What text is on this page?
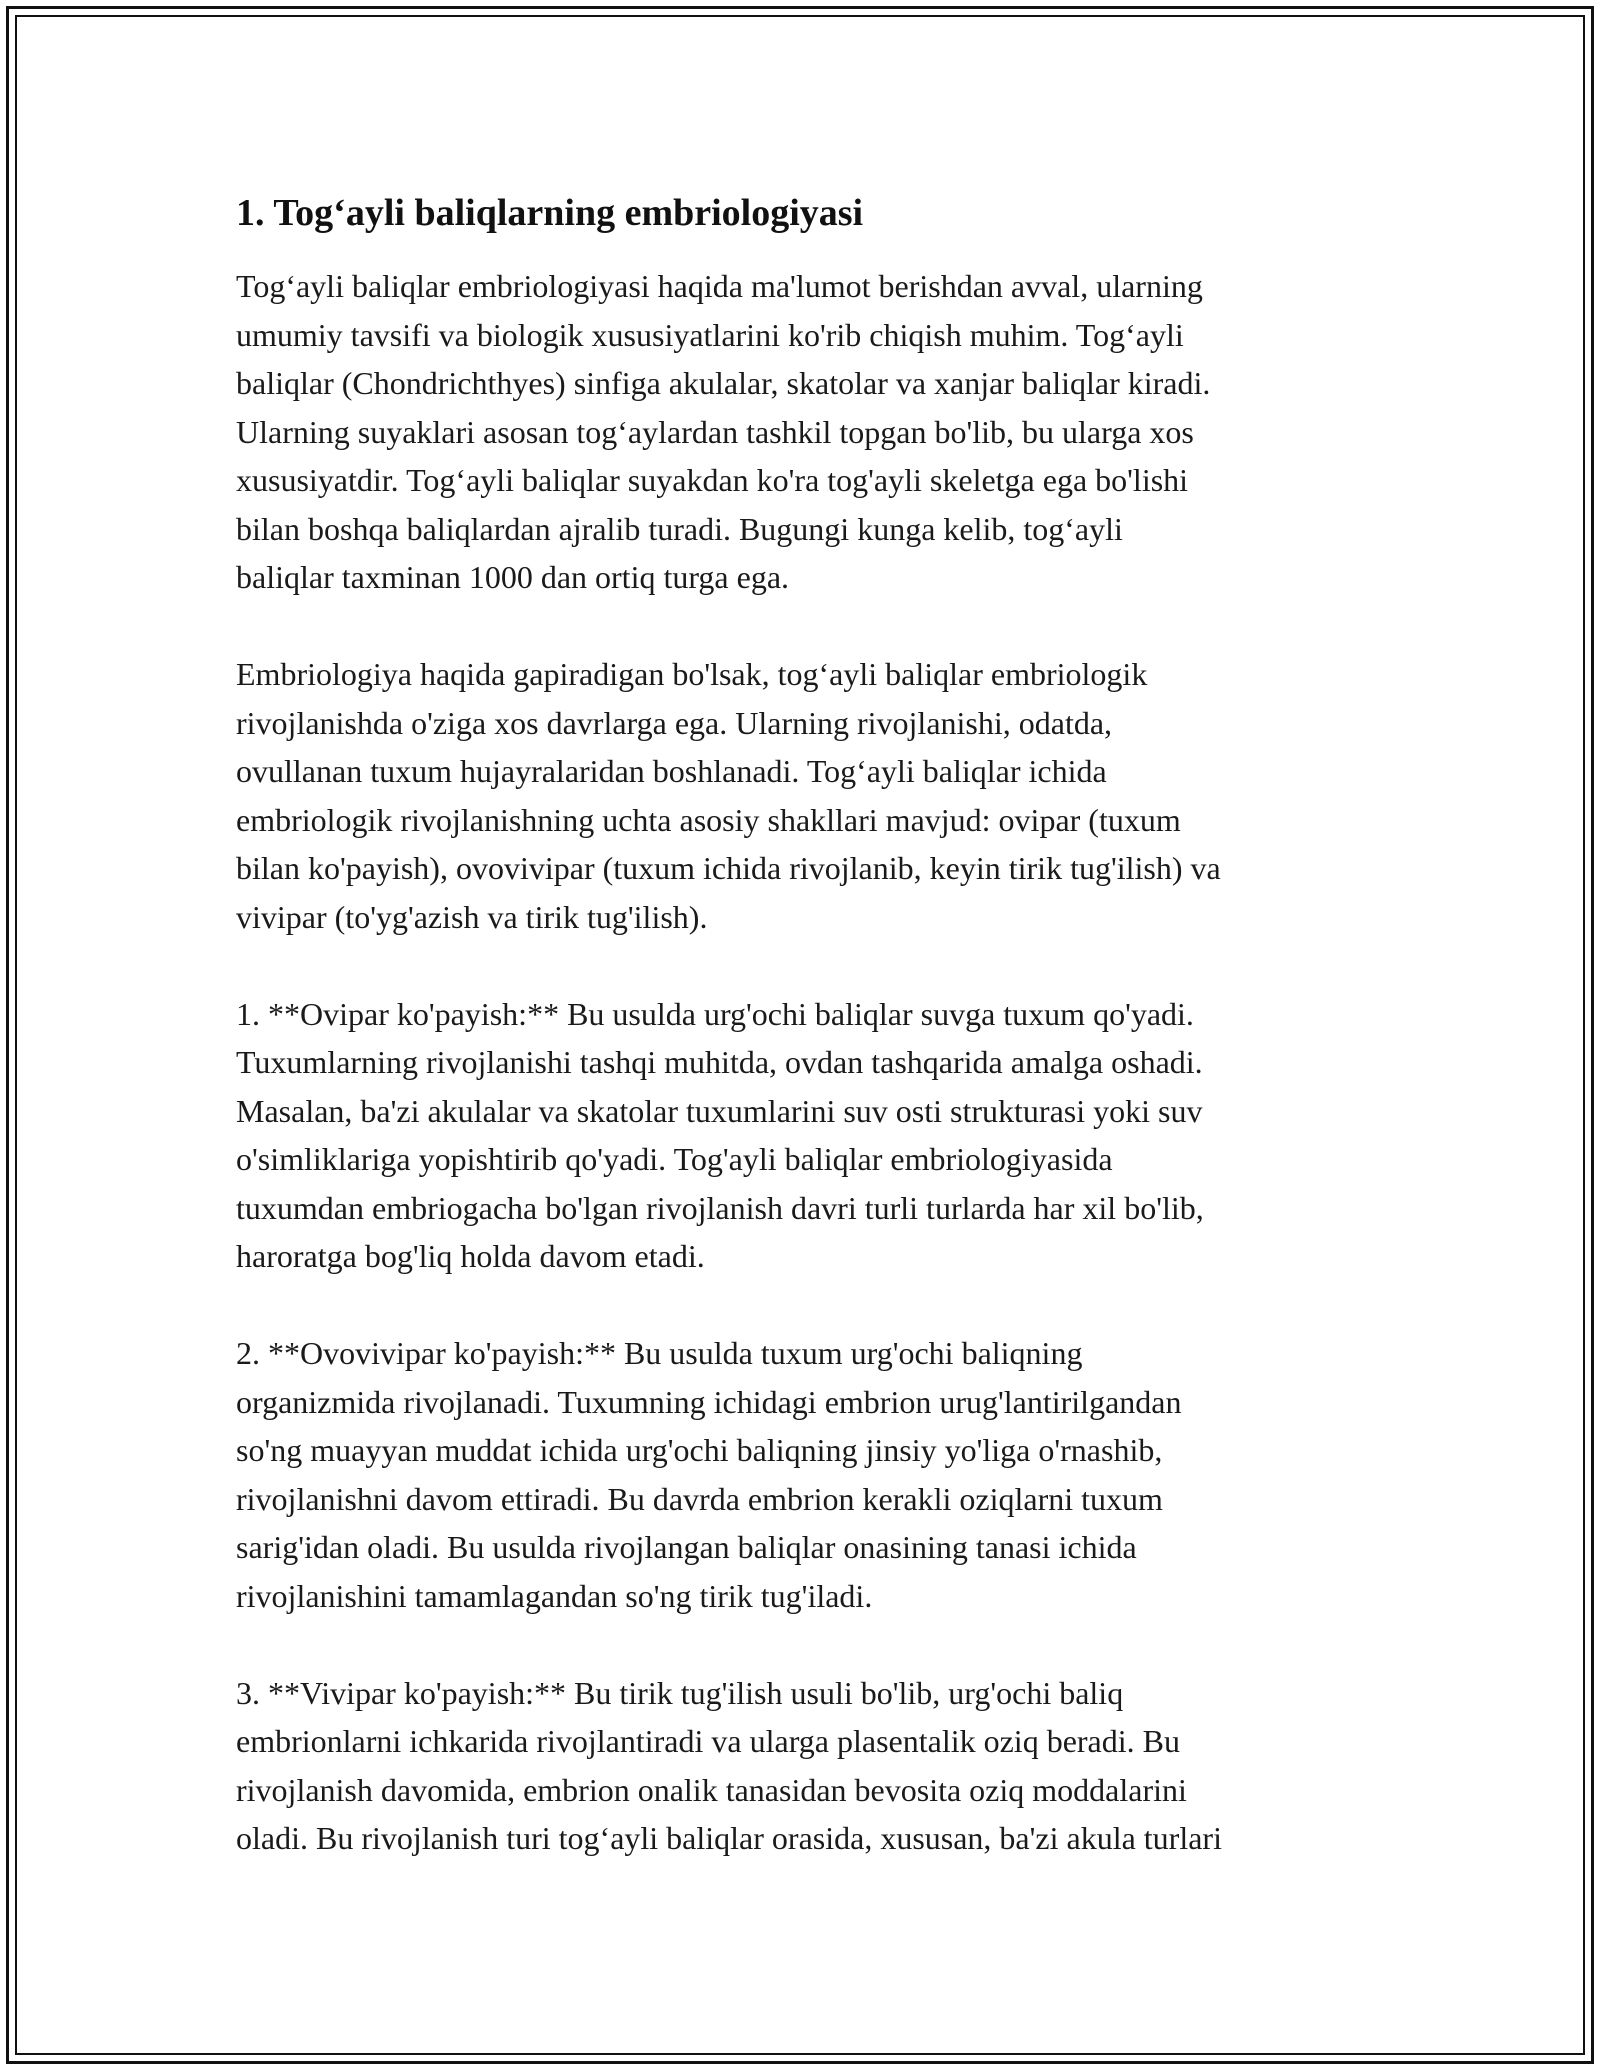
1. Tog‘ayli baliqlarning embriologiyasi

Tog‘ayli baliqlar embriologiyasi haqida ma'lumot berishdan avval, ularning
umumiy tavsifi va biologik xususiyatlarini ko'rib chiqish muhim. Tog‘ayli
baliqlar (Chondrichthyes) sinfiga akulalar, skatolar va xanjar baliqlar kiradi.
Ularning suyaklari asosan tog‘aylardan tashkil topgan bo'lib, bu ularga xos
xususiyatdir. Tog‘ayli baliqlar suyakdan ko'ra tog'ayli skeletga ega bo'lishi
bilan boshqa baliqlardan ajralib turadi. Bugungi kunga kelib, tog‘ayli
baliqlar taxminan 1000 dan ortiq turga ega.

Embriologiya haqida gapiradigan bo'lsak, tog‘ayli baliqlar embriologik
rivojlanishda o'ziga xos davrlarga ega. Ularning rivojlanishi, odatda,
ovullanan tuxum hujayralaridan boshlanadi. Tog‘ayli baliqlar ichida
embriologik rivojlanishning uchta asosiy shakllari mavjud: ovipar (tuxum
bilan ko'payish), ovovivipar (tuxum ichida rivojlanib, keyin tirik tug'ilish) va
vivipar (to'yg'azish va tirik tug'ilish).

1. **Ovipar ko'payish:** Bu usulda urg'ochi baliqlar suvga tuxum qo'yadi.
Tuxumlarning rivojlanishi tashqi muhitda, ovdan tashqarida amalga oshadi.
Masalan, ba'zi akulalar va skatolar tuxumlarini suv osti strukturasi yoki suv
o'simliklariga yopishtirib qo'yadi. Tog'ayli baliqlar embriologiyasida
tuxumdan embriogacha bo'lgan rivojlanish davri turli turlarda har xil bo'lib,
haroratga bog'liq holda davom etadi.

2. **Ovovivipar ko'payish:** Bu usulda tuxum urg'ochi baliqning
organizmida rivojlanadi. Tuxumning ichidagi embrion urug'lantirilgandan
so'ng muayyan muddat ichida urg'ochi baliqning jinsiy yo'liga o'rnashib,
rivojlanishni davom ettiradi. Bu davrda embrion kerakli oziqlarni tuxum
sarig'idan oladi. Bu usulda rivojlangan baliqlar onasining tanasi ichida
rivojlanishini tamamlagandan so'ng tirik tug'iladi.

3. **Vivipar ko'payish:** Bu tirik tug'ilish usuli bo'lib, urg'ochi baliq
embrionlarni ichkarida rivojlantiradi va ularga plasentalik oziq beradi. Bu
rivojlanish davomida, embrion onalik tanasidan bevosita oziq moddalarini
oladi. Bu rivojlanish turi tog‘ayli baliqlar orasida, xususan, ba'zi akula turlari
